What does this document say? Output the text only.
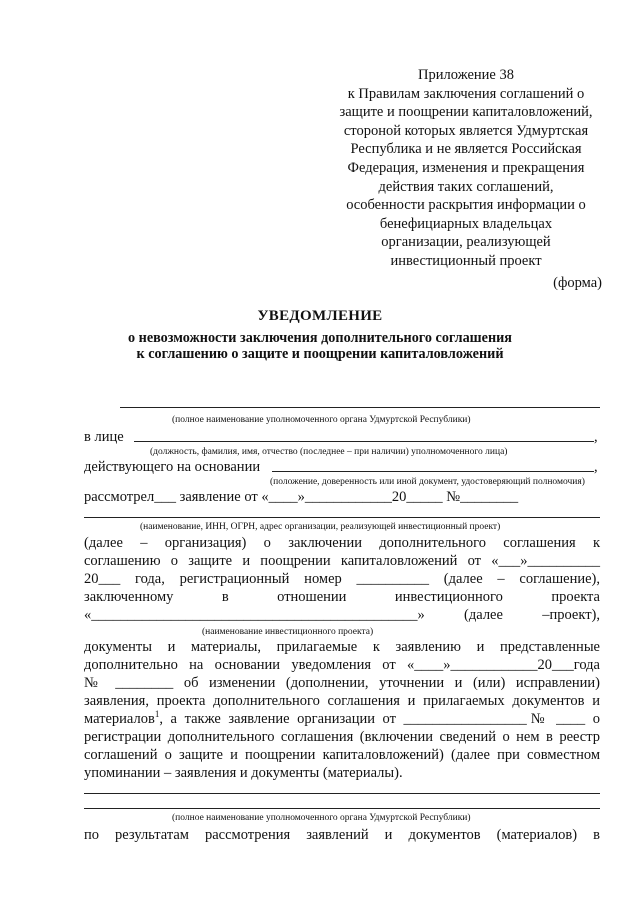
Приложение 38
к Правилам заключения соглашений о
защите и поощрении капиталовложений,
стороной которых является Удмуртская
Республика и не является Российская
Федерация, изменения и прекращения
действия таких соглашений,
особенности раскрытия информации о
бенефициарных владельцах
организации, реализующей
инвестиционный проект
(форма)
УВЕДОМЛЕНИЕ
о невозможности заключения дополнительного соглашения
к соглашению о защите и поощрении капиталовложений
(полное наименование уполномоченного органа Удмуртской Республики)
в лице	,
(должность, фамилия, имя, отчество (последнее – при наличии) уполномоченного лица)
действующего на основании	,
(положение, доверенность или иной документ, удостоверяющий полномочия)
рассмотрел___ заявление от «____»____________20_____ №________
(наименование, ИНН, ОГРН, адрес организации, реализующей инвестиционный проект)
(далее – организация) о заключении дополнительного соглашения к
соглашению о защите и поощрении капиталовложений от «___»__________
20___ года, регистрационный номер __________ (далее – соглашение),
заключенному в отношении инвестиционного проекта
«_____________________________________________» (далее –проект),
(наименование инвестиционного проекта)
документы и материалы, прилагаемые к заявлению и представленные
дополнительно на основании уведомления от «____»____________20___года
№ ________ об изменении (дополнении, уточнении и (или) исправлении)
заявления, проекта дополнительного соглашения и прилагаемых документов и
материалов$^1$, а также заявление организации от _________________№ ____ о
регистрации дополнительного соглашения (включении сведений о нем в реестр
соглашений о защите и поощрении капиталовложений) (далее при совместном
упоминании – заявления и документы (материалы).
(полное наименование уполномоченного органа Удмуртской Республики)
по результатам рассмотрения заявлений и документов (материалов) в
